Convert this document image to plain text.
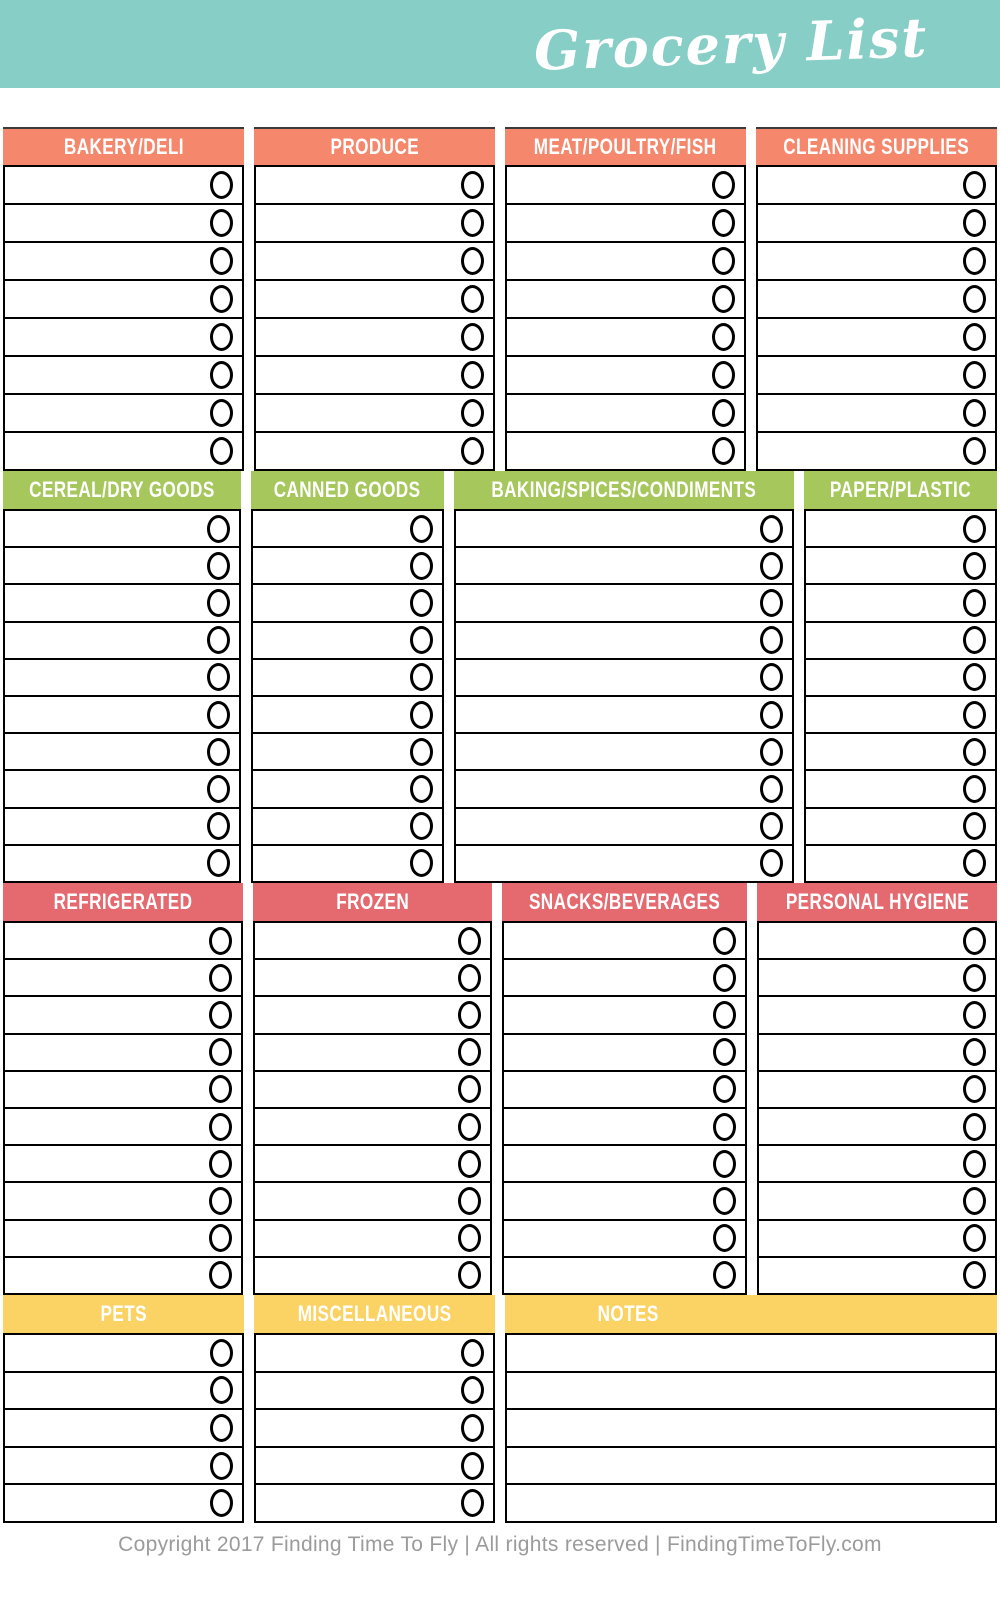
Grocery List
BAKERY/DELI	PRODUCE	MEAT/POULTRY/FISH	CLEANING SUPPLIES
CEREAL/DRY GOODS	CANNED GOODS	BAKING/SPICES/CONDIMENTS	PAPER/PLASTIC
REFRIGERATED	FROZEN	SNACKS/BEVERAGES	PERSONAL HYGIENE
PETS	MISCELLANEOUS	NOTES
Copyright 2017 Finding Time To Fly | All rights reserved | FindingTimeToFly.com
